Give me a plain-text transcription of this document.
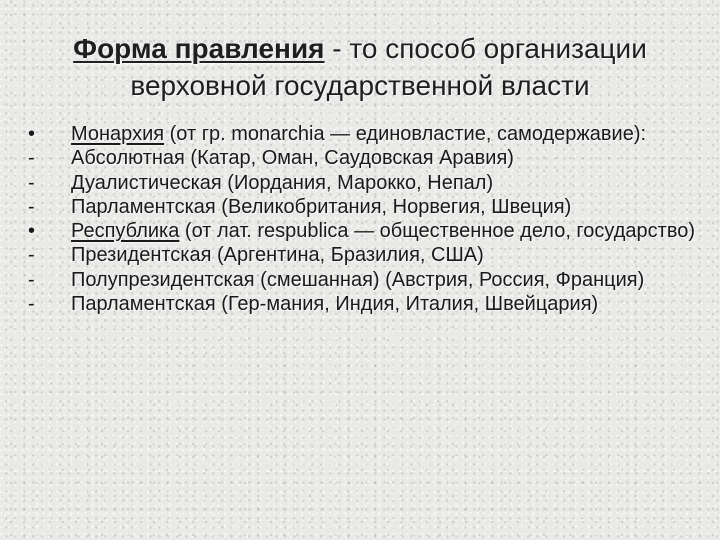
Форма правления - то способ организации верховной государственной власти
•	Монархия (от гр. monarchia — единовластие, самодержавие):
-	Абсолютная (Катар, Оман, Саудовская Аравия)
-	Дуалистическая (Иордания, Марокко, Непал)
-	Парламентская (Великобритания, Норвегия, Швеция)
•	Республика (от лат. respublica — общественное дело, государство)
-	Президентская (Аргентина, Бразилия, США)
-	Полупрезидентская (смешанная) (Австрия, Россия, Франция)
-	Парламентская (Гер-мания, Индия, Италия, Швейцария)
